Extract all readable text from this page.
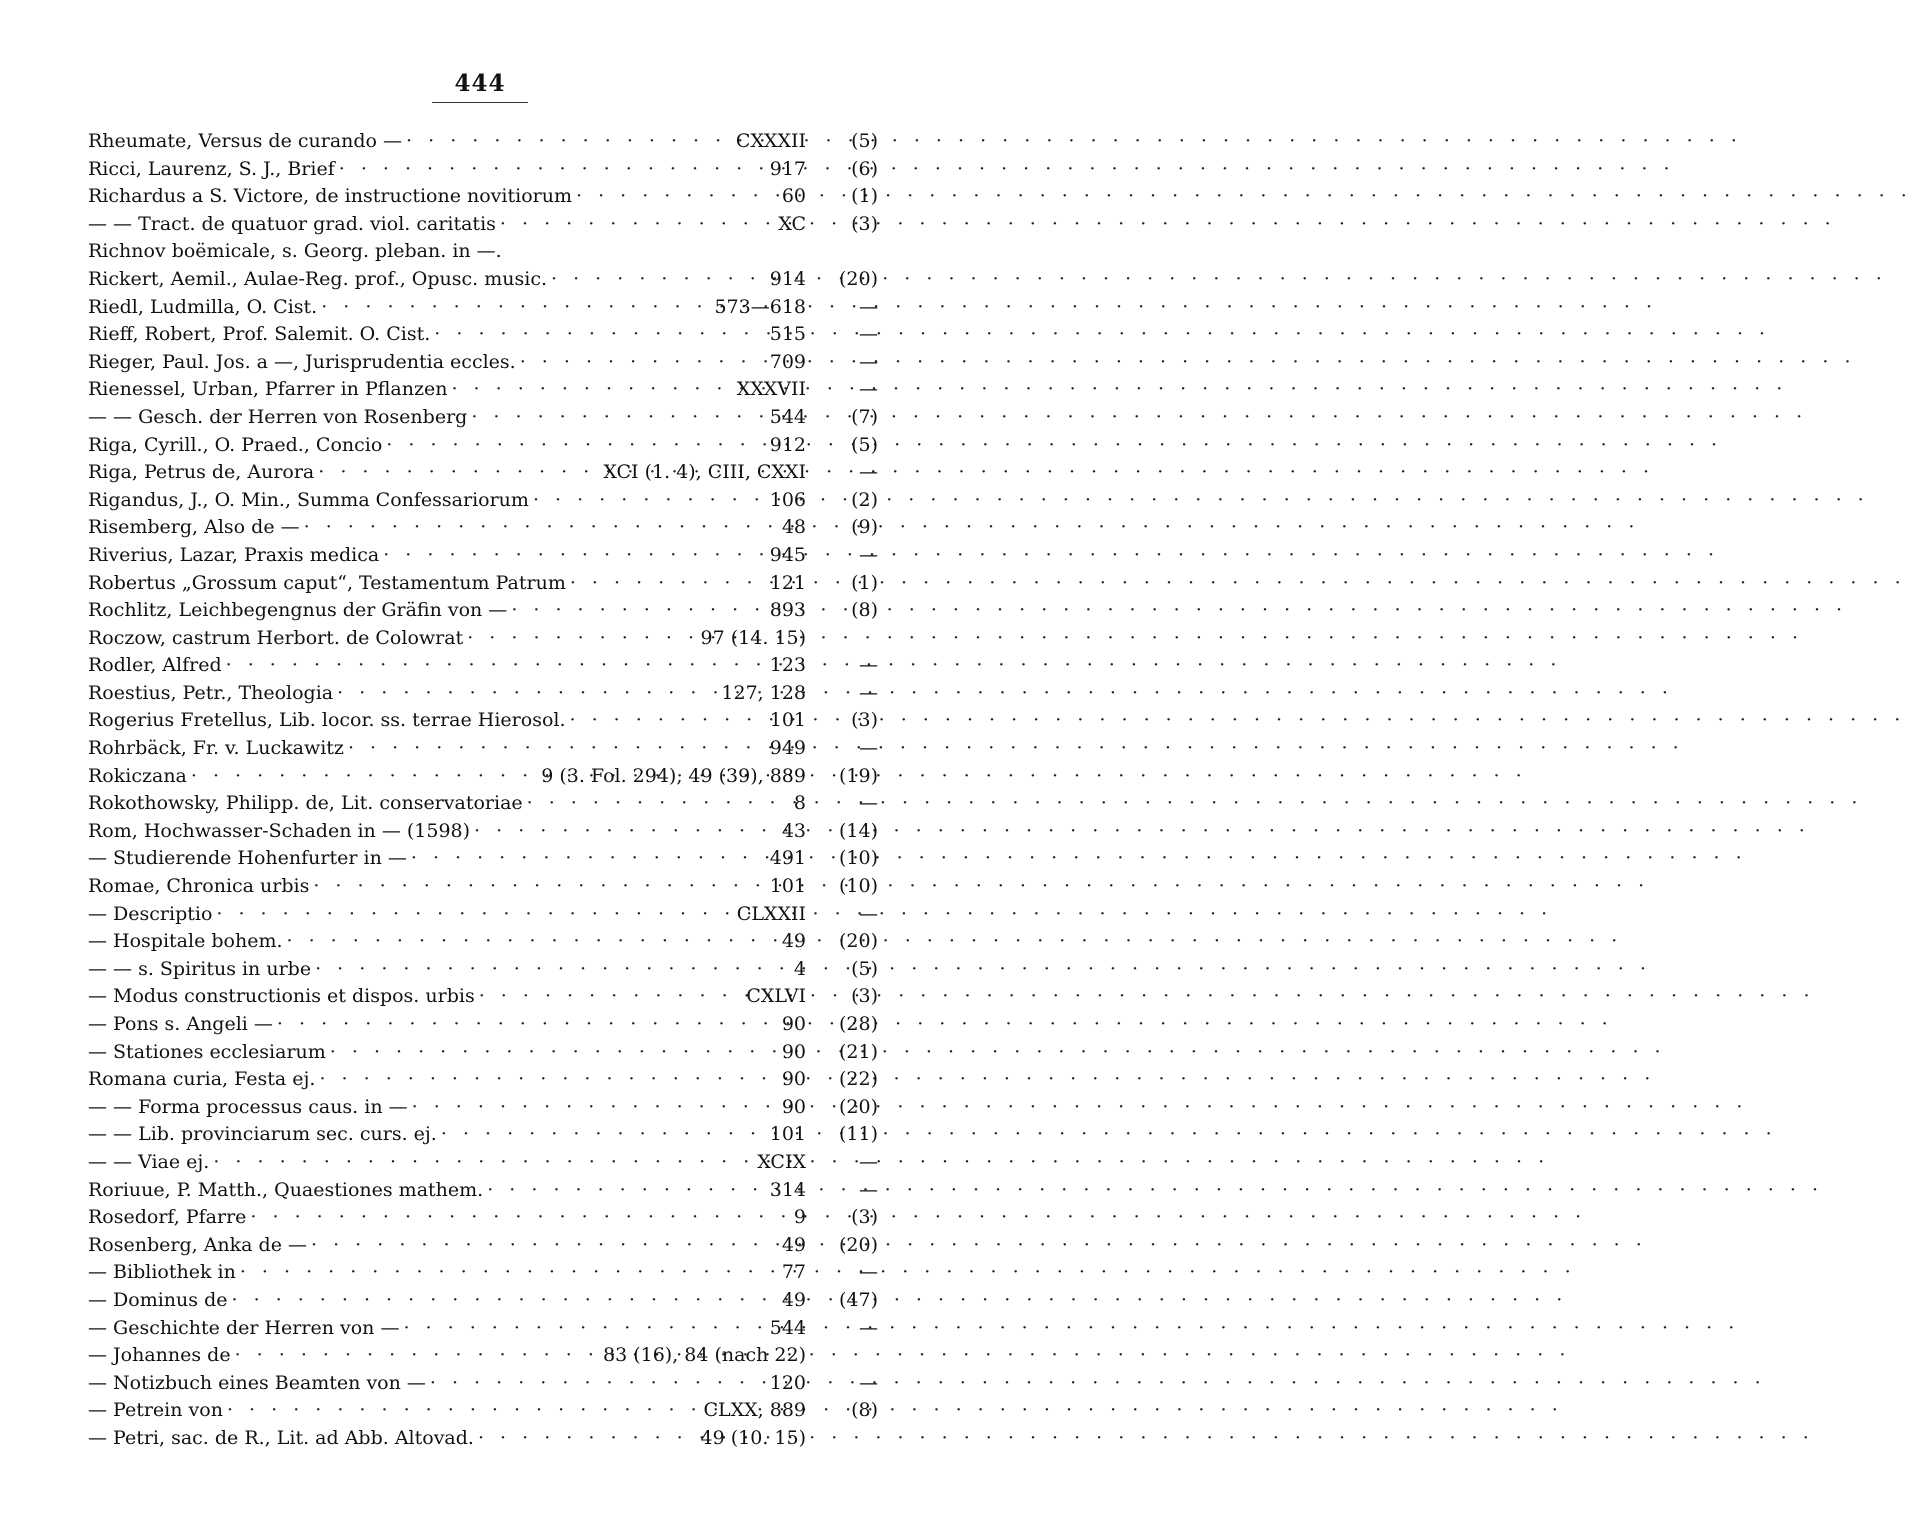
444
Rheumate, Versus de curando — · · ·	CXXXII	(5)
Ricci, Laurenz, S. J., Brief · · ·	917	(6)
Richardus a S. Victore, de instructione novitiorum · · ·	60	(1)
— — Tract. de quatuor grad. viol. caritatis · · ·	XC	(3)
Richnov boëmicale, s. Georg. pleban. in —.
Rickert, Aemil., Aulae-Reg. prof., Opusc. music. · · ·	914	(20)
Riedl, Ludmilla, O. Cist. · · ·	573—618	—
Rieff, Robert, Prof. Salemit. O. Cist. · · ·	515	—
Rieger, Paul. Jos. a —, Jurisprudentia eccles. · · ·	709	—
Rienessel, Urban, Pfarrer in Pflanzen · · ·	XXXVII	—
— — Gesch. der Herren von Rosenberg · · ·	544	(7)
Riga, Cyrill., O. Praed., Concio · · ·	912	(5)
Riga, Petrus de, Aurora · · ·	XCI (1. 4), CIII, CXXI	—
Rigandus, J., O. Min., Summa Confessariorum · · ·	106	(2)
Risemberg, Also de — · · ·	48	(9)
Riverius, Lazar, Praxis medica · · ·	945	—
Robertus „Grossum caput“, Testamentum Patrum · · ·	121	(1)
Rochlitz, Leichbegengnus der Gräfin von — · · ·	893	(8)
Roczow, castrum Herbort. de Colowrat · · ·	97 (14. 15)
Rodler, Alfred · · ·	123	—
Roestius, Petr., Theologia · · ·	127, 128	—
Rogerius Fretellus, Lib. locor. ss. terrae Hierosol. · · ·	101	(3)
Rohrbäck, Fr. v. Luckawitz · · ·	949	—
Rokiczana · · ·	9 (3. Fol. 294), 49 (39), 889	(19)
Rokothowsky, Philipp. de, Lit. conservatoriae · · ·	8	—
Rom, Hochwasser-Schaden in — (1598) · · ·	43	(14)
— Studierende Hohenfurter in — · · ·	491	(10)
Romae, Chronica urbis · · ·	101	(10)
— Descriptio · · ·	CLXXII	—
— Hospitale bohem. · · ·	49	(20)
— — s. Spiritus in urbe · · ·	4	(5)
— Modus constructionis et dispos. urbis · · ·	CXLVI	(3)
— Pons s. Angeli — · · ·	90	(28)
— Stationes ecclesiarum · · ·	90	(21)
Romana curia, Festa ej. · · ·	90	(22)
— — Forma processus caus. in — · · ·	90	(20)
— — Lib. provinciarum sec. curs. ej. · · ·	101	(11)
— — Viae ej. · · ·	XCIX	—
Roriuue, P. Matth., Quaestiones mathem. · · ·	314	—
Rosedorf, Pfarre · · ·	9	(3)
Rosenberg, Anka de — · · ·	49	(20)
— Bibliothek in · · ·	77	—
— Dominus de · · ·	49	(47)
— Geschichte der Herren von — · · ·	544	—
— Johannes de · · ·	83 (16), 84 (nach 22)
— Notizbuch eines Beamten von — · · ·	120	—
— Petrein von · · ·	CLXX, 889	(8)
— Petri, sac. de R., Lit. ad Abb. Altovad. · · ·	49 (10. 15)
